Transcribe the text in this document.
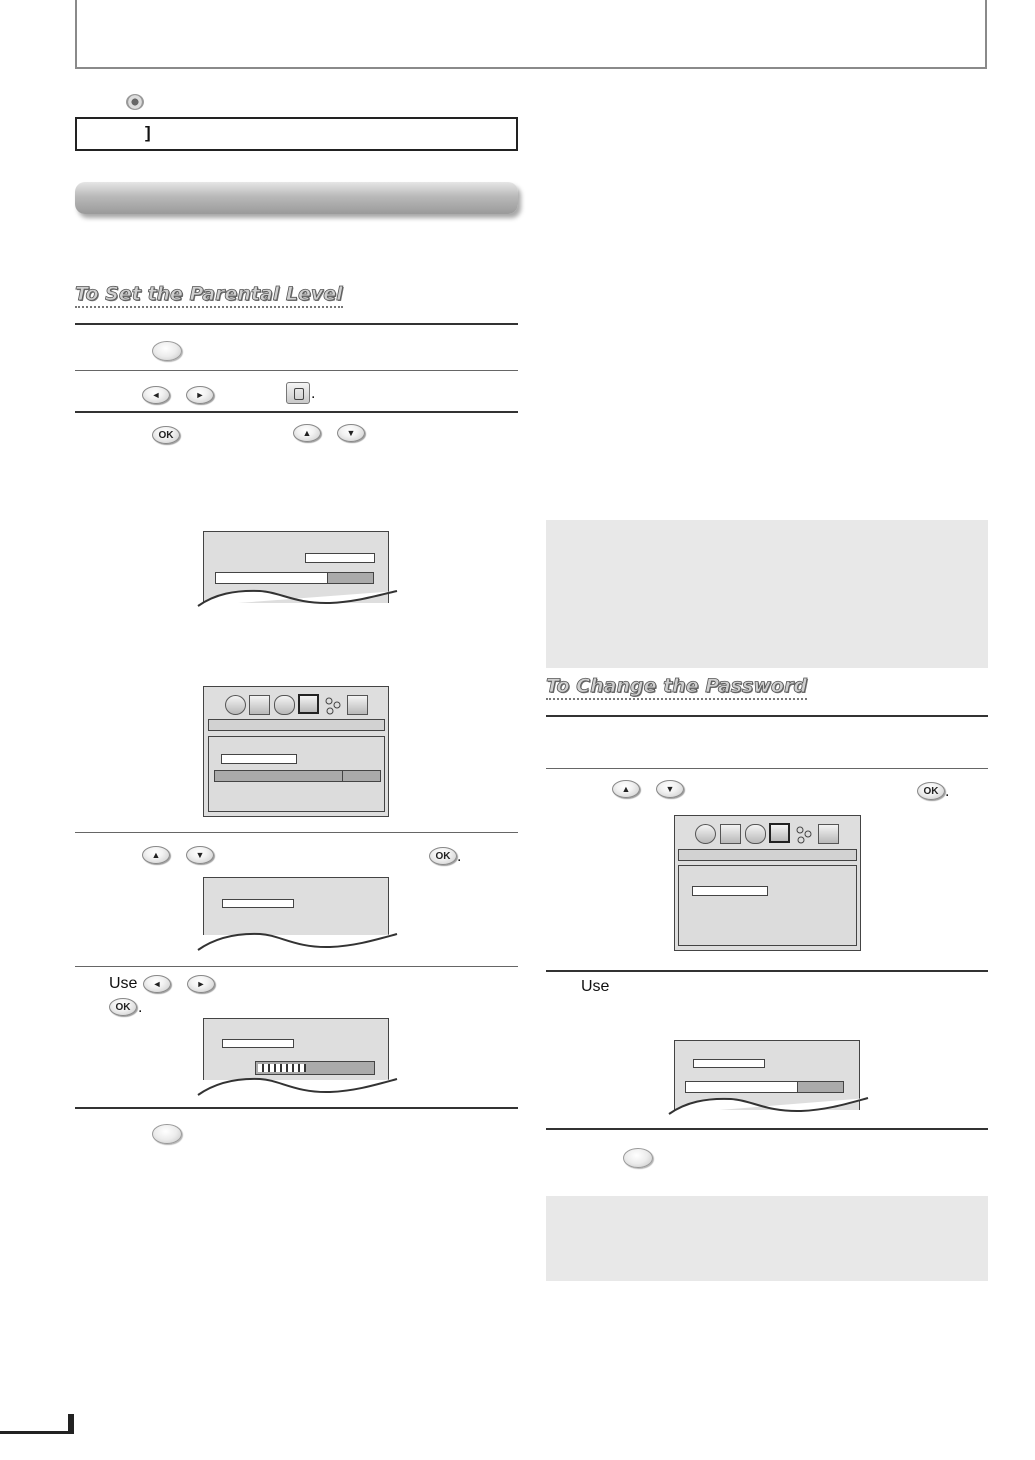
]
To Set the Parental Level
◄	►	.
OK	▲	▼
▲	▼	OK .
Use	◄	►
OK .
To Change the Password
▲	▼	OK .
Use
